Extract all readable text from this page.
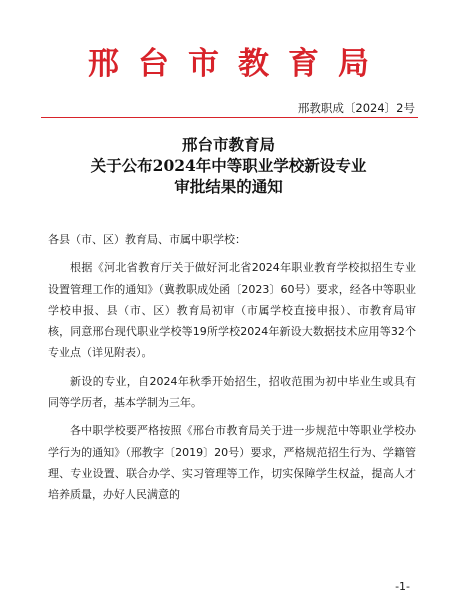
邢台市教育局
邢教职成〔2024〕2号
邢台市教育局
关于公布2024年中等职业学校新设专业
审批结果的通知

各县（市、区）教育局、市属中职学校：

根据《河北省教育厅关于做好河北省2024年职业教育学校拟招生专业设置管理工作的通知》（冀教职成处函〔2023〕60号）要求，经各中等职业学校申报、县（市、区）教育局初审（市属学校直接申报）、市教育局审核，同意邢台现代职业学校等19所学校2024年新设大数据技术应用等32个专业点（详见附表）。

新设的专业，自2024年秋季开始招生，招收范围为初中毕业生或具有同等学历者，基本学制为三年。

各中职学校要严格按照《邢台市教育局关于进一步规范中等职业学校办学行为的通知》（邢教字〔2019〕20号）要求，严格规范招生行为、学籍管理、专业设置、联合办学、实习管理等工作，切实保障学生权益，提高人才培养质量，办好人民满意的

-1-
